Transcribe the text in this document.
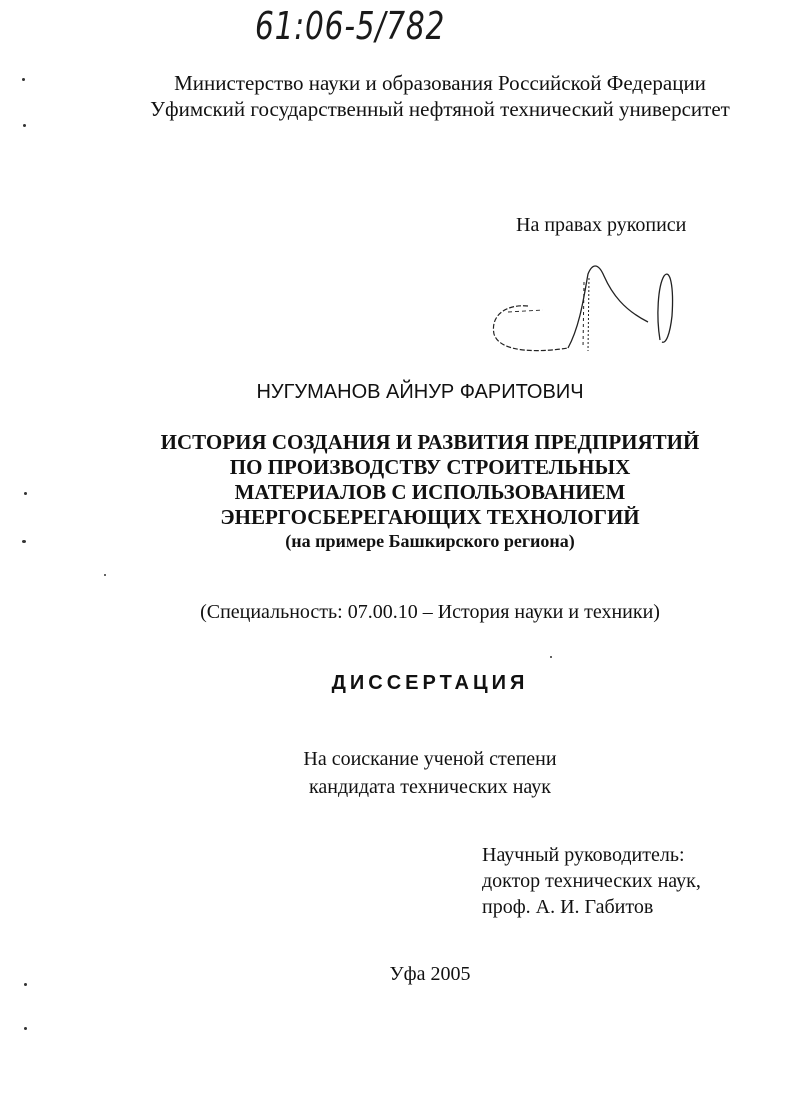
61:06-5/782
Министерство науки и образования Российской Федерации
Уфимский государственный нефтяной технический университет
На правах рукописи
НУГУМАНОВ АЙНУР ФАРИТОВИЧ
ИСТОРИЯ СОЗДАНИЯ И РАЗВИТИЯ ПРЕДПРИЯТИЙ
ПО ПРОИЗВОДСТВУ СТРОИТЕЛЬНЫХ
МАТЕРИАЛОВ С ИСПОЛЬЗОВАНИЕМ
ЭНЕРГОСБЕРЕГАЮЩИХ ТЕХНОЛОГИЙ
(на примере Башкирского региона)
(Специальность: 07.00.10 – История науки и техники)
ДИССЕРТАЦИЯ
На соискание ученой степени
кандидата технических наук
Научный руководитель:
доктор технических наук,
проф. А. И. Габитов
Уфа 2005
